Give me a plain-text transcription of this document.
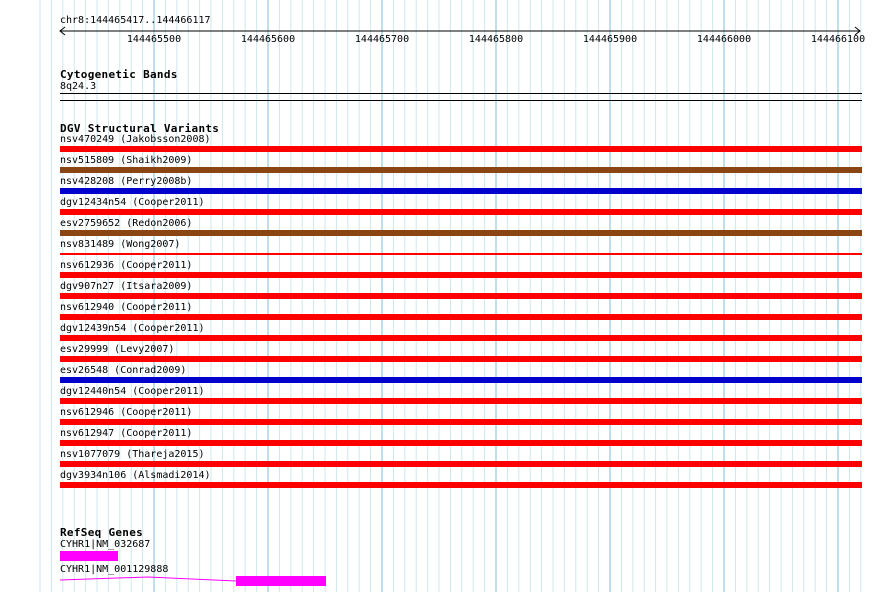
chr8:144465417..144466117
144465500	144465600	144465700	144465800	144465900	144466000	144466100
Cytogenetic Bands
8q24.3
DGV Structural Variants
nsv470249 (Jakobsson2008)
nsv515809 (Shaikh2009)
nsv428208 (Perry2008b)
dgv12434n54 (Cooper2011)
esv2759652 (Redon2006)
nsv831489 (Wong2007)
nsv612936 (Cooper2011)
dgv907n27 (Itsara2009)
nsv612940 (Cooper2011)
dgv12439n54 (Cooper2011)
esv29999 (Levy2007)
esv26548 (Conrad2009)
dgv12440n54 (Cooper2011)
nsv612946 (Cooper2011)
nsv612947 (Cooper2011)
nsv1077079 (Thareja2015)
dgv3934n106 (Alsmadi2014)
RefSeq Genes
CYHR1|NM_032687
CYHR1|NM_001129888
